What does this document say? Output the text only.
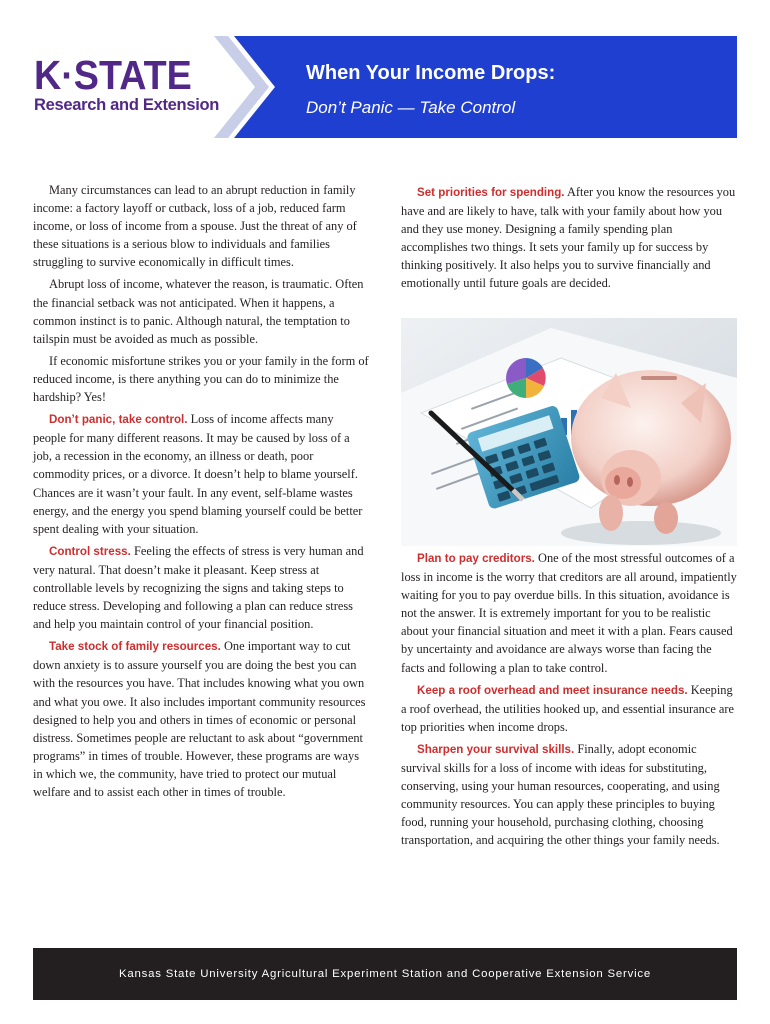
K·STATE
Research and Extension
When Your Income Drops:
Don’t Panic — Take Control

Many circumstances can lead to an abrupt reduction in family income: a factory layoff or cutback, loss of a job, reduced farm income, or loss of income from a spouse. Just the threat of any of these situations is a serious blow to individuals and families struggling to survive economically in difficult times.

Abrupt loss of income, whatever the reason, is traumatic. Often the financial setback was not anticipated. When it happens, a common instinct is to panic. Although natural, the temptation to tailspin must be avoided as much as possible.

If economic misfortune strikes you or your family in the form of reduced income, is there anything you can do to minimize the hardship? Yes!

Don’t panic, take control. Loss of income affects many people for many different reasons. It may be caused by loss of a job, a recession in the economy, an illness or death, poor commodity prices, or a divorce. It doesn’t help to blame yourself. Chances are it wasn’t your fault. In any event, self-blame wastes energy, and the energy you spend blaming yourself could be better spent dealing with your situation.

Control stress. Feeling the effects of stress is very human and very natural. That doesn’t make it pleasant. Keep stress at controllable levels by recognizing the signs and taking steps to reduce stress. Developing and following a plan can reduce stress and help you maintain control of your financial position.

Take stock of family resources. One important way to cut down anxiety is to assure yourself you are doing the best you can with the resources you have. That includes knowing what you own and what you owe. It also includes important community resources designed to help you and others in times of economic or personal distress. Sometimes people are reluctant to ask about “government programs” in times of trouble. However, these programs are ways in which we, the community, have tried to protect our mutual welfare and to assist each other in times of trouble.

Set priorities for spending. After you know the resources you have and are likely to have, talk with your family about how you and they use money. Designing a family spending plan accomplishes two things. It sets your family up for success by thinking positively. It also helps you to survive financially and emotionally until future goals are decided.

Plan to pay creditors. One of the most stressful outcomes of a loss in income is the worry that creditors are all around, impatiently waiting for you to pay overdue bills. In this situation, avoidance is not the answer. It is extremely important for you to be realistic about your financial situation and meet it with a plan. Fears caused by uncertainty and avoidance are always worse than facing the facts and following a plan to take control.

Keep a roof overhead and meet insurance needs. Keeping a roof overhead, the utilities hooked up, and essential insurance are top priorities when income drops.

Sharpen your survival skills. Finally, adopt economic survival skills for a loss of income with ideas for substituting, conserving, using your human resources, cooperating, and using community resources. You can apply these principles to buying food, running your household, purchasing clothing, choosing transportation, and acquiring the other things your family needs.

Kansas State University Agricultural Experiment Station and Cooperative Extension Service
